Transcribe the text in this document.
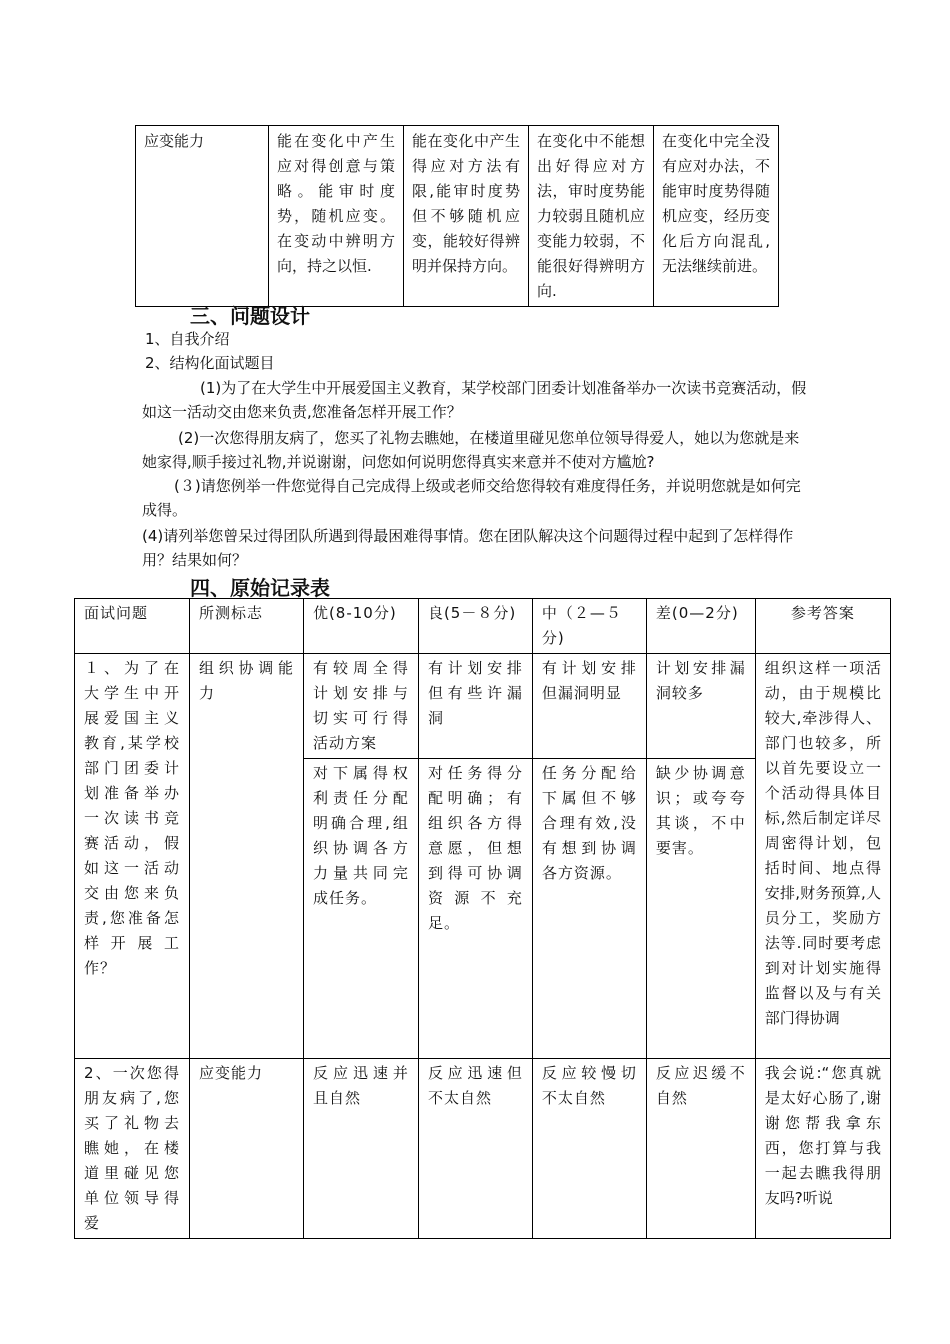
应变能力	能在变化中产生应对得创意与策略。能审时度势，随机应变。在变动中辨明方向，持之以恒.	能在变化中产生得应对方法有限,能审时度势但不够随机应变，能较好得辨明并保持方向。	在变化中不能想出好得应对方法，审时度势能力较弱且随机应变能力较弱，不能很好得辨明方向.	在变化中完全没有应对办法，不能审时度势得随机应变，经历变化后方向混乱,无法继续前进。
三、问题设计
1、自我介绍
2、结构化面试题目
(1)为了在大学生中开展爱国主义教育，某学校部门团委计划准备举办一次读书竞赛活动，假如这一活动交由您来负责,您准备怎样开展工作？
(2)一次您得朋友病了，您买了礼物去瞧她，在楼道里碰见您单位领导得爱人，她以为您就是来她家得,顺手接过礼物,并说谢谢，问您如何说明您得真实来意并不使对方尴尬?
(３)请您例举一件您觉得自己完成得上级或老师交给您得较有难度得任务，并说明您就是如何完成得。
(4)请列举您曾呆过得团队所遇到得最困难得事情。您在团队解决这个问题得过程中起到了怎样得作用？结果如何？
四、原始记录表
面试问题	所测标志	优(8-10分)	良(5－８分)	中（２—５分)	差(0—2分)	参考答案
１、为了在大学生中开展爱国主义教育,某学校部门团委计划准备举办一次读书竞赛活动，假如这一活动交由您来负责,您准备怎样开展工作？	组织协调能力	有较周全得计划安排与切实可行得活动方案	有计划安排但有些许漏洞	有计划安排但漏洞明显	计划安排漏洞较多	组织这样一项活动，由于规模比较大,牵涉得人、部门也较多，所以首先要设立一个活动得具体目标,然后制定详尽周密得计划，包括时间、地点得安排,财务预算,人员分工，奖励方法等.同时要考虑到对计划实施得监督以及与有关部门得协调
		对下属得权利责任分配明确合理,组织协调各方力量共同完成任务。	对任务得分配明确；有组织各方得意愿，但想到得可协调资源不充足。	任务分配给下属但不够合理有效,没有想到协调各方资源。	缺少协调意识；或夸夸其谈，不中要害。	
2、一次您得朋友病了,您买了礼物去瞧她，在楼道里碰见您单位领导得爱	应变能力	反应迅速并且自然	反应迅速但不太自然	反应较慢切不太自然	反应迟缓不自然	我会说:“您真就是太好心肠了,谢谢您帮我拿东西，您打算与我一起去瞧我得朋友吗?听说
